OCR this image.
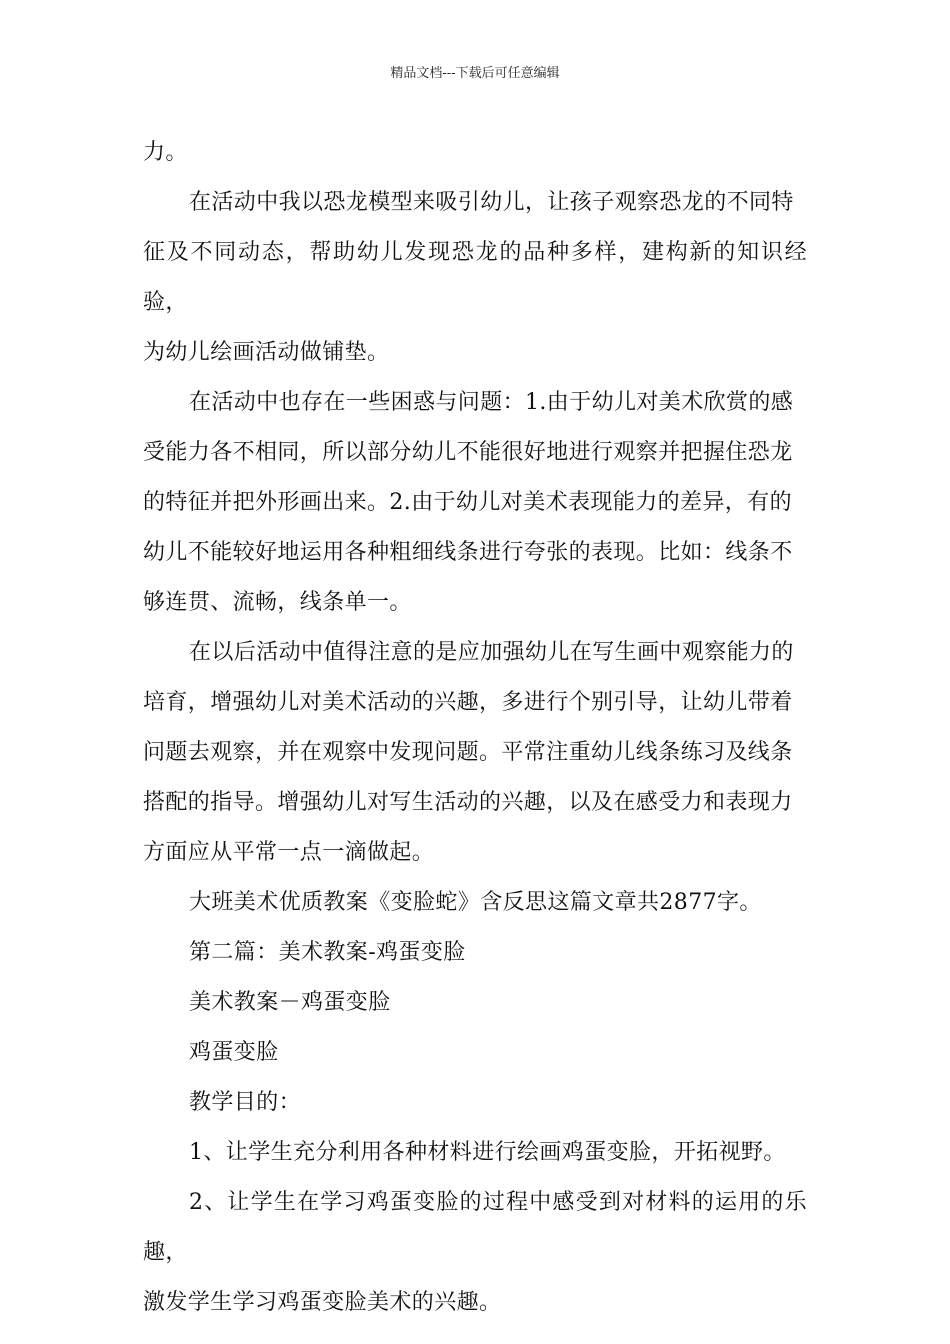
精品文档---下载后可任意编辑

力。

在活动中我以恐龙模型来吸引幼儿，让孩子观察恐龙的不同特
征及不同动态，帮助幼儿发现恐龙的品种多样，建构新的知识经验，
为幼儿绘画活动做铺垫。

在活动中也存在一些困惑与问题：1.由于幼儿对美术欣赏的感
受能力各不相同，所以部分幼儿不能很好地进行观察并把握住恐龙
的特征并把外形画出来。2.由于幼儿对美术表现能力的差异，有的
幼儿不能较好地运用各种粗细线条进行夸张的表现。比如：线条不
够连贯、流畅，线条单一。

在以后活动中值得注意的是应加强幼儿在写生画中观察能力的
培育，增强幼儿对美术活动的兴趣，多进行个别引导，让幼儿带着
问题去观察，并在观察中发现问题。平常注重幼儿线条练习及线条
搭配的指导。增强幼儿对写生活动的兴趣，以及在感受力和表现力
方面应从平常一点一滴做起。

大班美术优质教案《变脸蛇》含反思这篇文章共2877字。

第二篇：美术教案-鸡蛋变脸

美术教案－鸡蛋变脸

鸡蛋变脸

教学目的：

1、让学生充分利用各种材料进行绘画鸡蛋变脸，开拓视野。

2、让学生在学习鸡蛋变脸的过程中感受到对材料的运用的乐趣，
激发学生学习鸡蛋变脸美术的兴趣。
